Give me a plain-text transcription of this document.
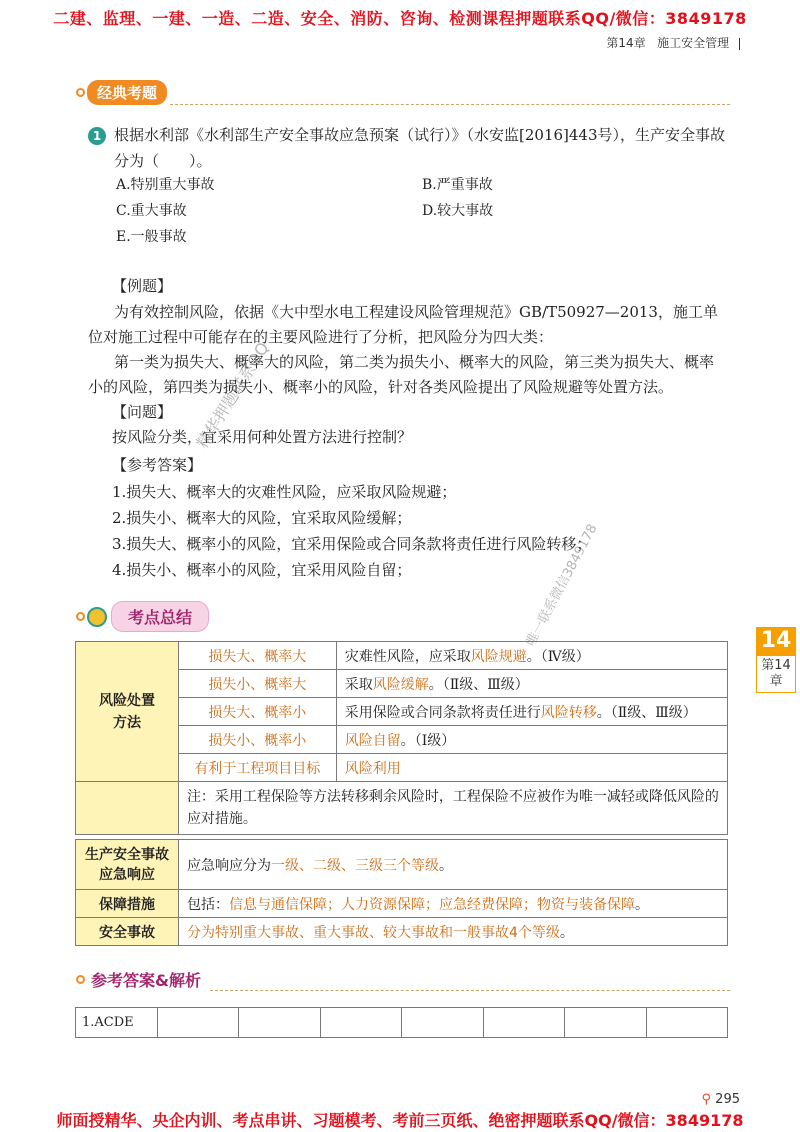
二建、监理、一建、一造、二造、安全、消防、咨询、检测课程押题联系QQ/微信：3849178
第14章 施工安全管理
经典考题
1 根据水利部《水利部生产安全事故应急预案（试行）》（水安监[2016]443号），生产安全事故分为（　　）。
A.特别重大事故	B.严重事故
C.重大事故	D.较大事故
E.一般事故
【例题】
为有效控制风险，依据《大中型水电工程建设风险管理规范》GB/T50927—2013，施工单位对施工过程中可能存在的主要风险进行了分析，把风险分为四大类：
第一类为损失大、概率大的风险，第二类为损失小、概率大的风险，第三类为损失大、概率小的风险，第四类为损失小、概率小的风险，针对各类风险提出了风险规避等处置方法。
【问题】
按风险分类，宜采用何种处置方法进行控制？
【参考答案】
1.损失大、概率大的灾难性风险，应采取风险规避；
2.损失小、概率大的风险，宜采取风险缓解；
3.损失大、概率小的风险，宜采用保险或合同条款将责任进行风险转移；
4.损失小、概率小的风险，宜采用风险自留；
精华押题联系QQ
唯一联系微信3849178
考点总结
14
第14章
风险处置方法	损失大、概率大	灾难性风险，应采取风险规避。（Ⅳ级）
	损失小、概率大	采取风险缓解。（Ⅱ级、Ⅲ级）
	损失大、概率小	采用保险或合同条款将责任进行风险转移。（Ⅱ级、Ⅲ级）
	损失小、概率小	风险自留。（Ⅰ级）
	有利于工程项目目标	风险利用
	注：采用工程保险等方法转移剩余风险时，工程保险不应被作为唯一减轻或降低风险的应对措施。	
生产安全事故应急响应	应急响应分为一级、二级、三级三个等级。
保障措施	包括：信息与通信保障；人力资源保障；应急经费保障；物资与装备保障。
安全事故	分为特别重大事故、重大事故、较大事故和一般事故4个等级。
参考答案&解析
1.ACDE							
⚲ 295
师面授精华、央企内训、考点串讲、习题模考、考前三页纸、绝密押题联系QQ/微信：3849178
